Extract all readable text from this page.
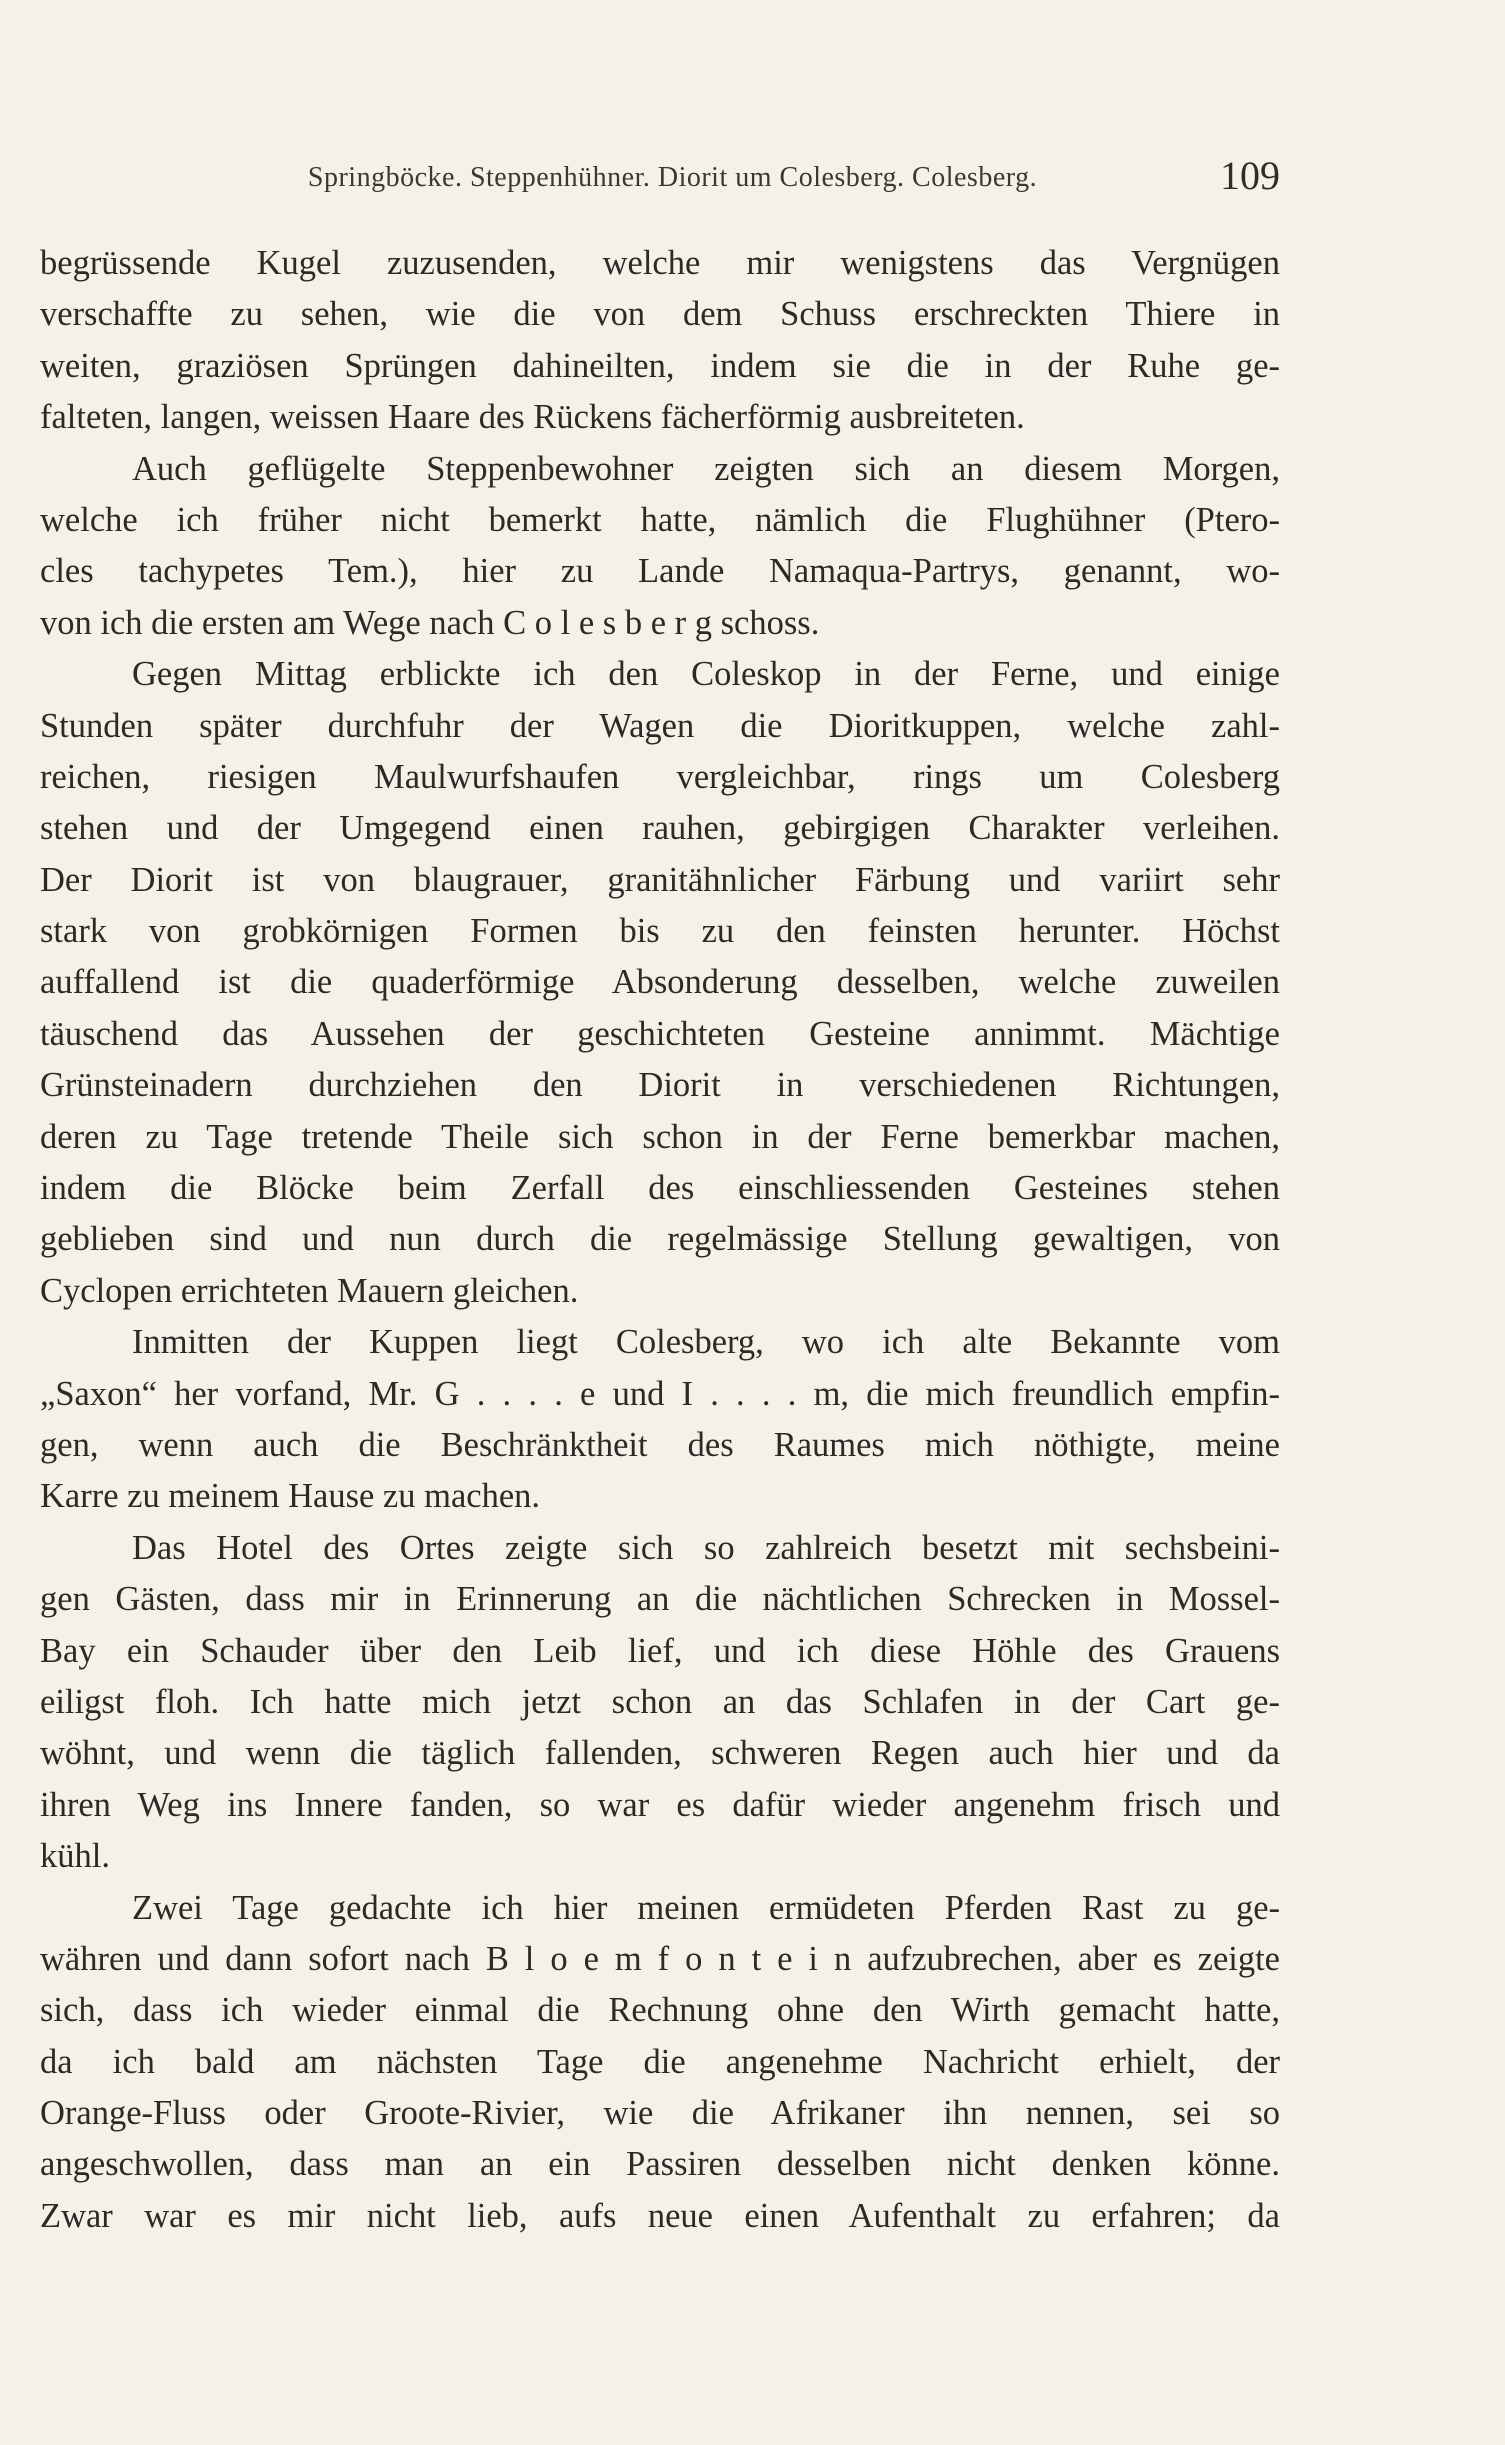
Springböcke. Steppenhühner. Diorit um Colesberg. Colesberg.	109
begrüssende Kugel zuzusenden, welche mir wenigstens das Vergnügen
verschaffte zu sehen, wie die von dem Schuss erschreckten Thiere in
weiten, graziösen Sprüngen dahineilten, indem sie die in der Ruhe ge-
falteten, langen, weissen Haare des Rückens fächerförmig ausbreiteten.
Auch geflügelte Steppenbewohner zeigten sich an diesem Morgen,
welche ich früher nicht bemerkt hatte, nämlich die Flughühner (Ptero-
cles tachypetes Tem.), hier zu Lande Namaqua-Partrys, genannt, wo-
von ich die ersten am Wege nach C o l e s b e r g schoss.
Gegen Mittag erblickte ich den Coleskop in der Ferne, und einige
Stunden später durchfuhr der Wagen die Dioritkuppen, welche zahl-
reichen, riesigen Maulwurfshaufen vergleichbar, rings um Colesberg
stehen und der Umgegend einen rauhen, gebirgigen Charakter verleihen.
Der Diorit ist von blaugrauer, granitähnlicher Färbung und variirt sehr
stark von grobkörnigen Formen bis zu den feinsten herunter. Höchst
auffallend ist die quaderförmige Absonderung desselben, welche zuweilen
täuschend das Aussehen der geschichteten Gesteine annimmt. Mächtige
Grünsteinadern durchziehen den Diorit in verschiedenen Richtungen,
deren zu Tage tretende Theile sich schon in der Ferne bemerkbar machen,
indem die Blöcke beim Zerfall des einschliessenden Gesteines stehen
geblieben sind und nun durch die regelmässige Stellung gewaltigen, von
Cyclopen errichteten Mauern gleichen.
Inmitten der Kuppen liegt Colesberg, wo ich alte Bekannte vom
„Saxon“ her vorfand, Mr. G . . . . e und I . . . . m, die mich freundlich empfin-
gen, wenn auch die Beschränktheit des Raumes mich nöthigte, meine
Karre zu meinem Hause zu machen.
Das Hotel des Ortes zeigte sich so zahlreich besetzt mit sechsbeini-
gen Gästen, dass mir in Erinnerung an die nächtlichen Schrecken in Mossel-
Bay ein Schauder über den Leib lief, und ich diese Höhle des Grauens
eiligst floh. Ich hatte mich jetzt schon an das Schlafen in der Cart ge-
wöhnt, und wenn die täglich fallenden, schweren Regen auch hier und da
ihren Weg ins Innere fanden, so war es dafür wieder angenehm frisch und
kühl.
Zwei Tage gedachte ich hier meinen ermüdeten Pferden Rast zu ge-
währen und dann sofort nach B l o e m f o n t e i n aufzubrechen, aber es zeigte
sich, dass ich wieder einmal die Rechnung ohne den Wirth gemacht hatte,
da ich bald am nächsten Tage die angenehme Nachricht erhielt, der
Orange-Fluss oder Groote-Rivier, wie die Afrikaner ihn nennen, sei so
angeschwollen, dass man an ein Passiren desselben nicht denken könne.
Zwar war es mir nicht lieb, aufs neue einen Aufenthalt zu erfahren; da
